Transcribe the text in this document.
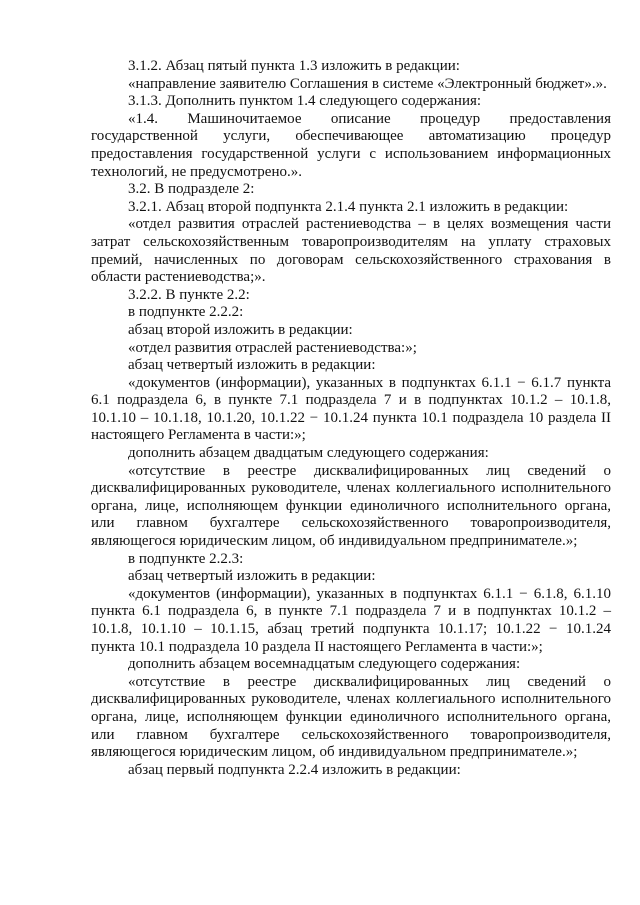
3.1.2. Абзац пятый пункта 1.3 изложить в редакции:

«направление заявителю Соглашения в системе «Электронный бюджет».».

3.1.3. Дополнить пунктом 1.4 следующего содержания:

«1.4. Машиночитаемое описание процедур предоставления государственной услуги, обеспечивающее автоматизацию процедур предоставления государственной услуги с использованием информационных технологий, не предусмотрено.».

3.2. В подразделе 2:

3.2.1. Абзац второй подпункта 2.1.4 пункта 2.1 изложить в редакции:

«отдел развития отраслей растениеводства – в целях возмещения части затрат сельскохозяйственным товаропроизводителям на уплату страховых премий, начисленных по договорам сельскохозяйственного страхования в области растениеводства;».

3.2.2. В пункте 2.2:

в подпункте 2.2.2:

абзац второй изложить в редакции:

«отдел развития отраслей растениеводства:»;

абзац четвертый изложить в редакции:

«документов (информации), указанных в подпунктах 6.1.1 − 6.1.7 пункта 6.1 подраздела 6, в пункте 7.1 подраздела 7 и в подпунктах 10.1.2 – 10.1.8, 10.1.10 – 10.1.18, 10.1.20, 10.1.22 − 10.1.24 пункта 10.1 подраздела 10 раздела II настоящего Регламента в части:»;

дополнить абзацем двадцатым следующего содержания:

«отсутствие в реестре дисквалифицированных лиц сведений о дисквалифицированных руководителе, членах коллегиального исполнительного органа, лице, исполняющем функции единоличного исполнительного органа, или главном бухгалтере сельскохозяйственного товаропроизводителя, являющегося юридическим лицом, об индивидуальном предпринимателе.»;

в подпункте 2.2.3:

абзац четвертый изложить в редакции:

«документов (информации), указанных в подпунктах 6.1.1 − 6.1.8, 6.1.10 пункта 6.1 подраздела 6, в пункте 7.1 подраздела 7 и в подпунктах 10.1.2 – 10.1.8, 10.1.10 – 10.1.15, абзац третий подпункта 10.1.17; 10.1.22 − 10.1.24 пункта 10.1 подраздела 10 раздела II настоящего Регламента в части:»;

дополнить абзацем восемнадцатым следующего содержания:

«отсутствие в реестре дисквалифицированных лиц сведений о дисквалифицированных руководителе, членах коллегиального исполнительного органа, лице, исполняющем функции единоличного исполнительного органа, или главном бухгалтере сельскохозяйственного товаропроизводителя, являющегося юридическим лицом, об индивидуальном предпринимателе.»;

абзац первый подпункта 2.2.4 изложить в редакции:
